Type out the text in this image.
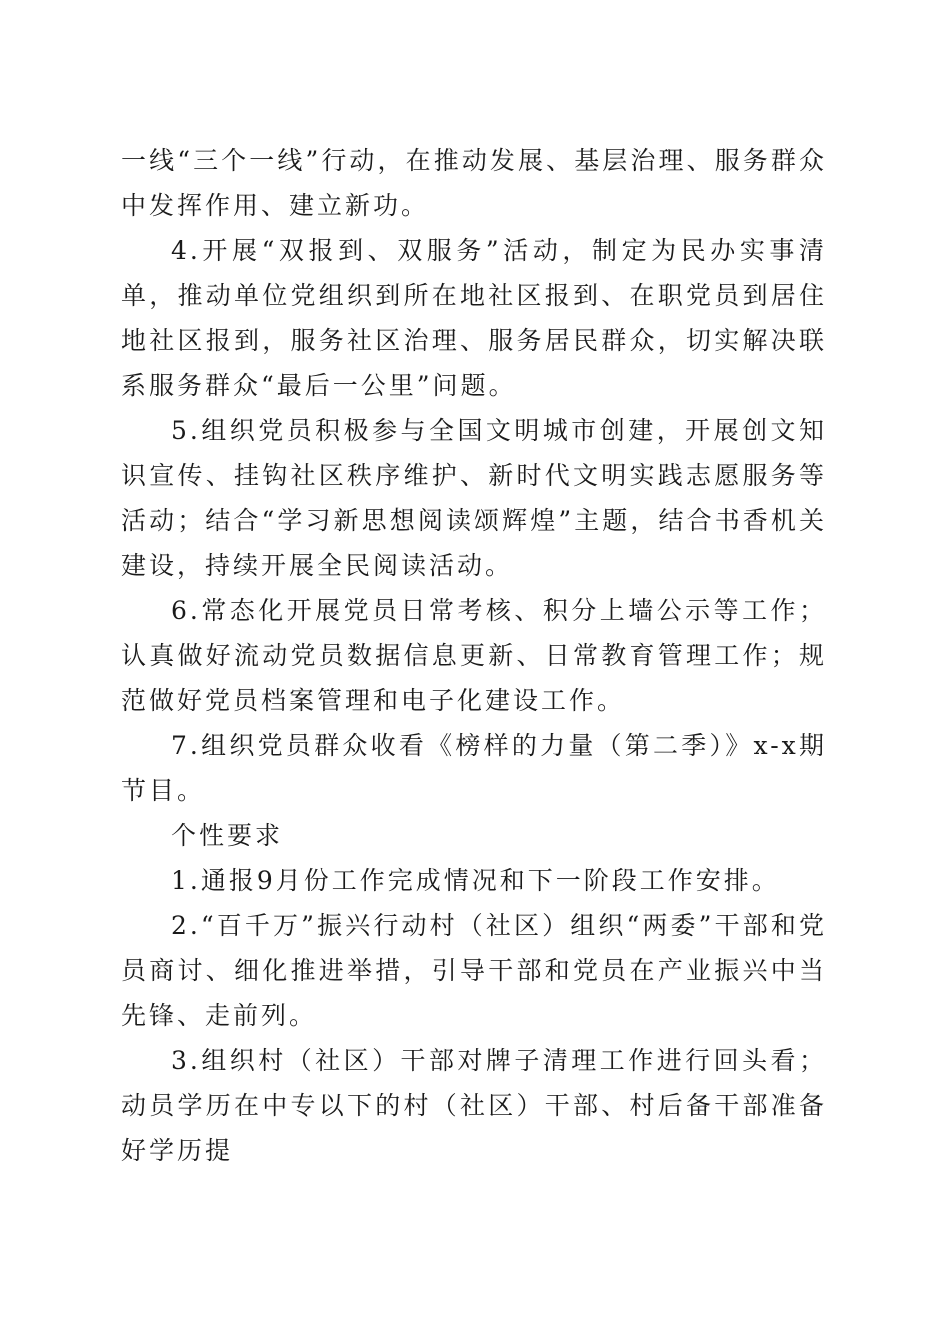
一线“三个一线”行动，在推动发展、基层治理、服务群众中发挥作用、建立新功。

4.开展“双报到、双服务”活动，制定为民办实事清单，推动单位党组织到所在地社区报到、在职党员到居住地社区报到，服务社区治理、服务居民群众，切实解决联系服务群众“最后一公里”问题。

5.组织党员积极参与全国文明城市创建，开展创文知识宣传、挂钩社区秩序维护、新时代文明实践志愿服务等活动；结合“学习新思想阅读颂辉煌”主题，结合书香机关建设，持续开展全民阅读活动。

6.常态化开展党员日常考核、积分上墙公示等工作；认真做好流动党员数据信息更新、日常教育管理工作；规范做好党员档案管理和电子化建设工作。

7.组织党员群众收看《榜样的力量（第二季）》x-x期节目。

个性要求

1.通报9月份工作完成情况和下一阶段工作安排。

2.“百千万”振兴行动村（社区）组织“两委”干部和党员商讨、细化推进举措，引导干部和党员在产业振兴中当先锋、走前列。

3.组织村（社区）干部对牌子清理工作进行回头看；动员学历在中专以下的村（社区）干部、村后备干部准备好学历提
